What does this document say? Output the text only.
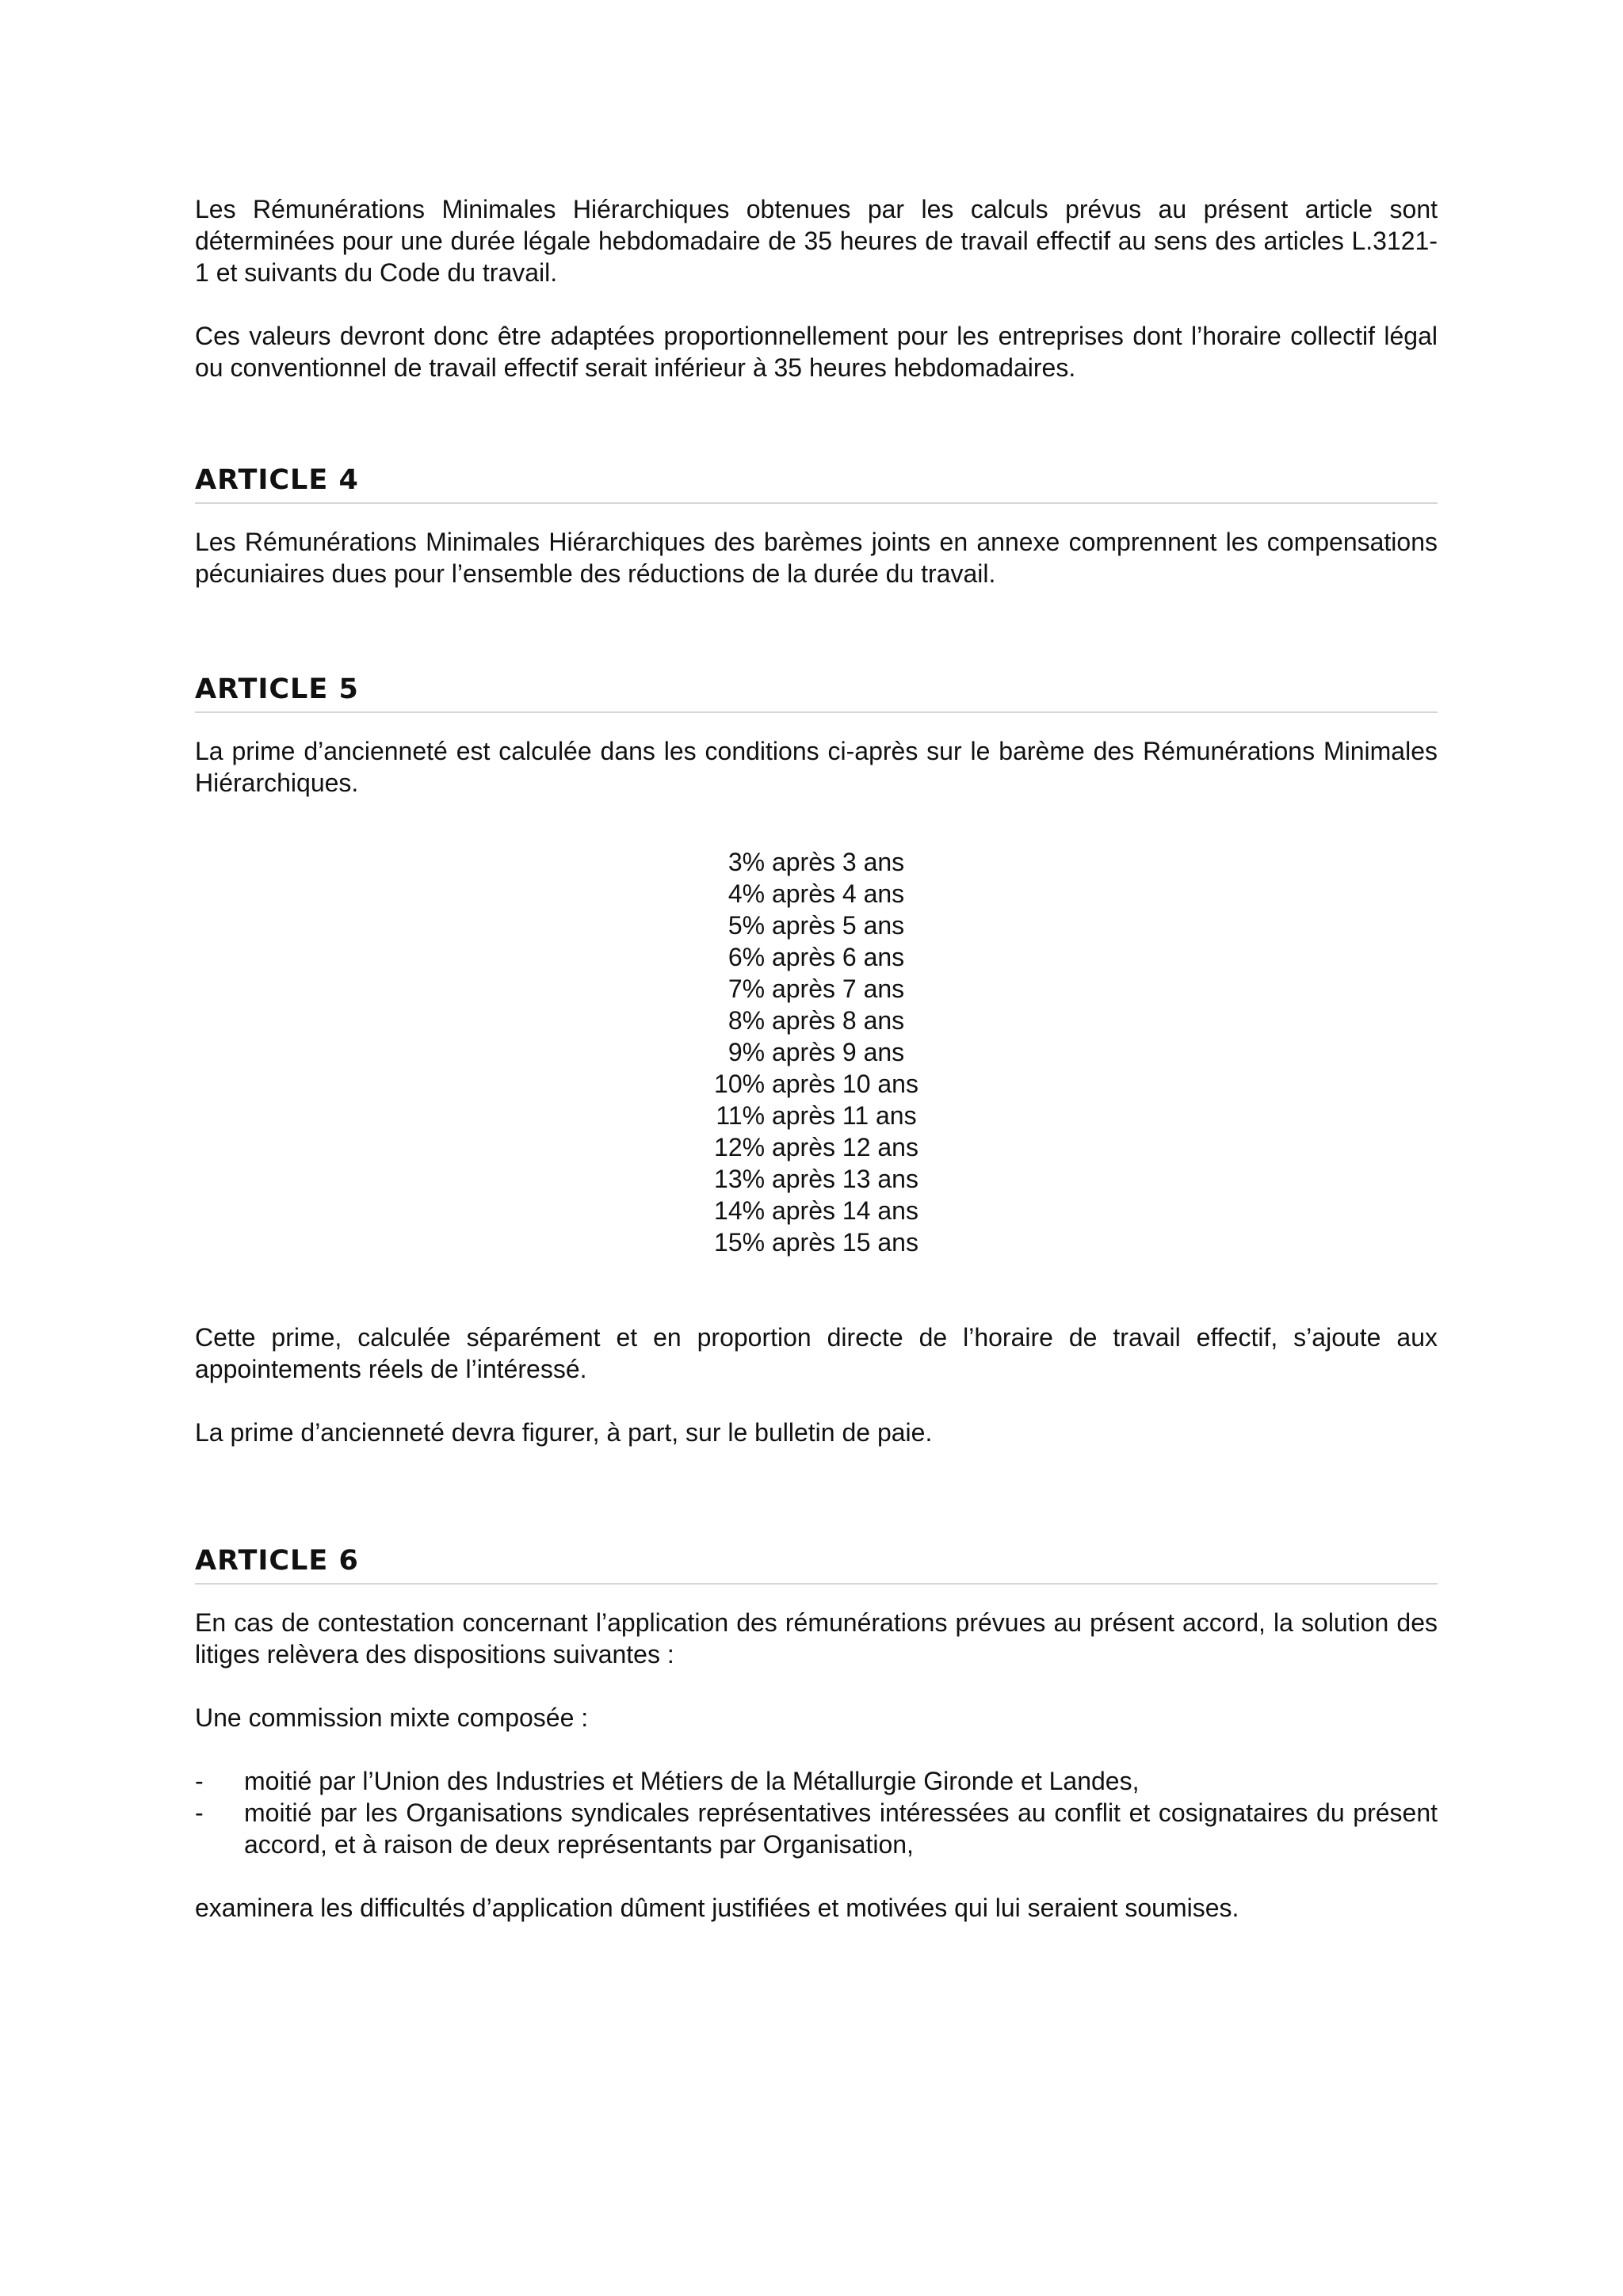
Les Rémunérations Minimales Hiérarchiques obtenues par les calculs prévus au présent article sont déterminées pour une durée légale hebdomadaire de 35 heures de travail effectif au sens des articles L.3121-1 et suivants du Code du travail.

Ces valeurs devront donc être adaptées proportionnellement pour les entreprises dont l’horaire collectif légal ou conventionnel de travail effectif serait inférieur à 35 heures hebdomadaires.

ARTICLE 4

Les Rémunérations Minimales Hiérarchiques des barèmes joints en annexe comprennent les compensations pécuniaires dues pour l’ensemble des réductions de la durée du travail.

ARTICLE 5

La prime d’ancienneté est calculée dans les conditions ci-après sur le barème des Rémunérations Minimales Hiérarchiques.

3% après 3 ans
4% après 4 ans
5% après 5 ans
6% après 6 ans
7% après 7 ans
8% après 8 ans
9% après 9 ans
10% après 10 ans
11% après 11 ans
12% après 12 ans
13% après 13 ans
14% après 14 ans
15% après 15 ans

Cette prime, calculée séparément et en proportion directe de l’horaire de travail effectif, s’ajoute aux appointements réels de l’intéressé.

La prime d’ancienneté devra figurer, à part, sur le bulletin de paie.

ARTICLE 6

En cas de contestation concernant l’application des rémunérations prévues au présent accord, la solution des litiges relèvera des dispositions suivantes :

Une commission mixte composée :

- moitié par l’Union des Industries et Métiers de la Métallurgie Gironde et Landes,
- moitié par les Organisations syndicales représentatives intéressées au conflit et cosignataires du présent accord, et à raison de deux représentants par Organisation,

examinera les difficultés d’application dûment justifiées et motivées qui lui seraient soumises.
